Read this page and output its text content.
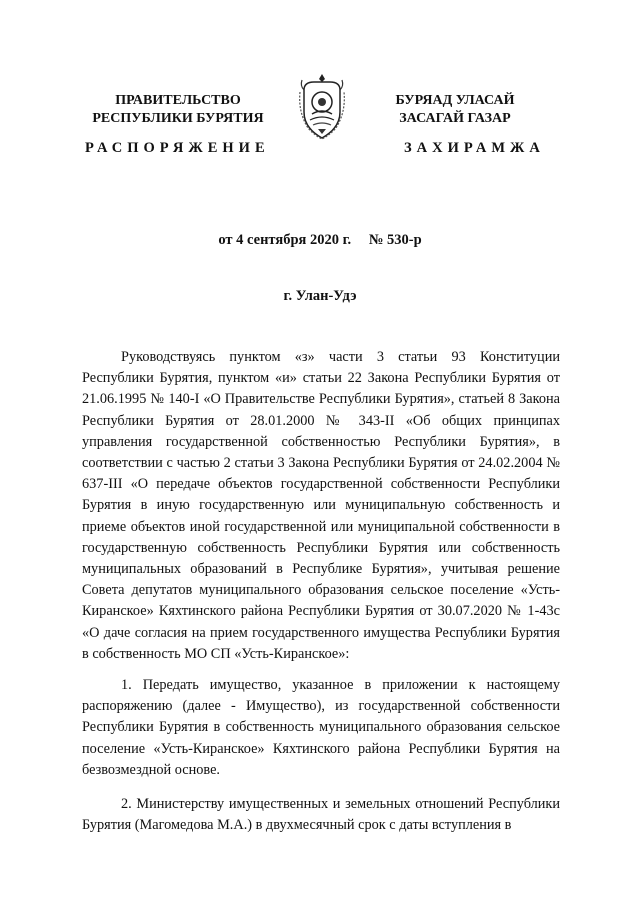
ПРАВИТЕЛЬСТВО
РЕСПУБЛИКИ БУРЯТИЯ
БУРЯАД УЛАСАЙ
ЗАСАГАЙ ГАЗАР
РАСПОРЯЖЕНИЕ	ЗАХИРАМЖА
от 4 сентября 2020 г. № 530-р
г. Улан-Удэ

Руководствуясь пунктом «з» части 3 статьи 93 Конституции Республики Бурятия, пунктом «и» статьи 22 Закона Республики Бурятия от 21.06.1995 № 140-I «О Правительстве Республики Бурятия», статьей 8 Закона Республики Бурятия от 28.01.2000 № 343-II «Об общих принципах управления государственной собственностью Республики Бурятия», в соответствии с частью 2 статьи 3 Закона Республики Бурятия от 24.02.2004 № 637-III «О передаче объектов государственной собственности Республики Бурятия в иную государственную или муниципальную собственность и приеме объектов иной государственной или муниципальной собственности в государственную собственность Республики Бурятия или собственность муниципальных образований в Республике Бурятия», учитывая решение Совета депутатов муниципального образования сельское поселение «Усть-Киранское» Кяхтинского района Республики Бурятия от 30.07.2020 № 1-43с «О даче согласия на прием государственного имущества Республики Бурятия в собственность МО СП «Усть-Киранское»:

1. Передать имущество, указанное в приложении к настоящему распоряжению (далее - Имущество), из государственной собственности Республики Бурятия в собственность муниципального образования сельское поселение «Усть-Киранское» Кяхтинского района Республики Бурятия на безвозмездной основе.

2. Министерству имущественных и земельных отношений Республики Бурятия (Магомедова М.А.) в двухмесячный срок с даты вступления в
